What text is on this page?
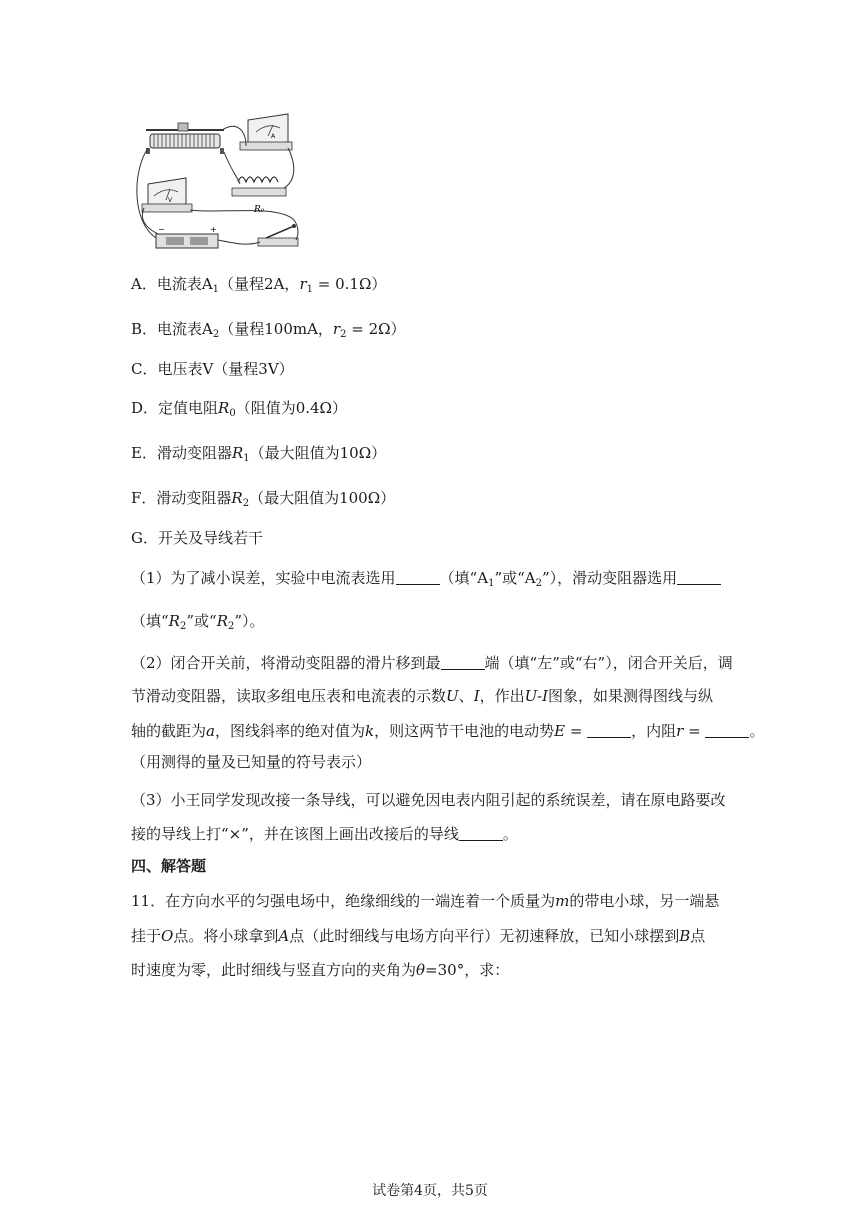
A
R₀
V
−	+
A．电流表$A_1$（量程2A，$r_1 = 0.1\Omega$）
B．电流表$A_2$（量程100mA，$r_2 = 2\Omega$）
C．电压表V（量程3V）
D．定值电阻$R_0$（阻值为0.4Ω）
E．滑动变阻器$R_1$（最大阻值为10Ω）
F．滑动变阻器$R_2$（最大阻值为100Ω）
G．开关及导线若干
（1）为了减小误差，实验中电流表选用	（填“$A_1$”或“$A_2$”），滑动变阻器选用
（填“$R_2$”或“$R_2$”）。
（2）闭合开关前，将滑动变阻器的滑片移到最	端（填“左”或“右”），闭合开关后，调
节滑动变阻器，读取多组电压表和电流表的示数U、I，作出U-I图象，如果测得图线与纵
轴的截距为a，图线斜率的绝对值为k，则这两节干电池的电动势E =	，内阻r =	。
（用测得的量及已知量的符号表示）
（3）小王同学发现改接一条导线，可以避免因电表内阻引起的系统误差，请在原电路要改
接的导线上打“×”，并在该图上画出改接后的导线	。
四、解答题
11．在方向水平的匀强电场中，绝缘细线的一端连着一个质量为m的带电小球，另一端悬
挂于O点。将小球拿到A点（此时细线与电场方向平行）无初速释放，已知小球摆到B点
时速度为零，此时细线与竖直方向的夹角为θ=30°，求：
试卷第4页，共5页
